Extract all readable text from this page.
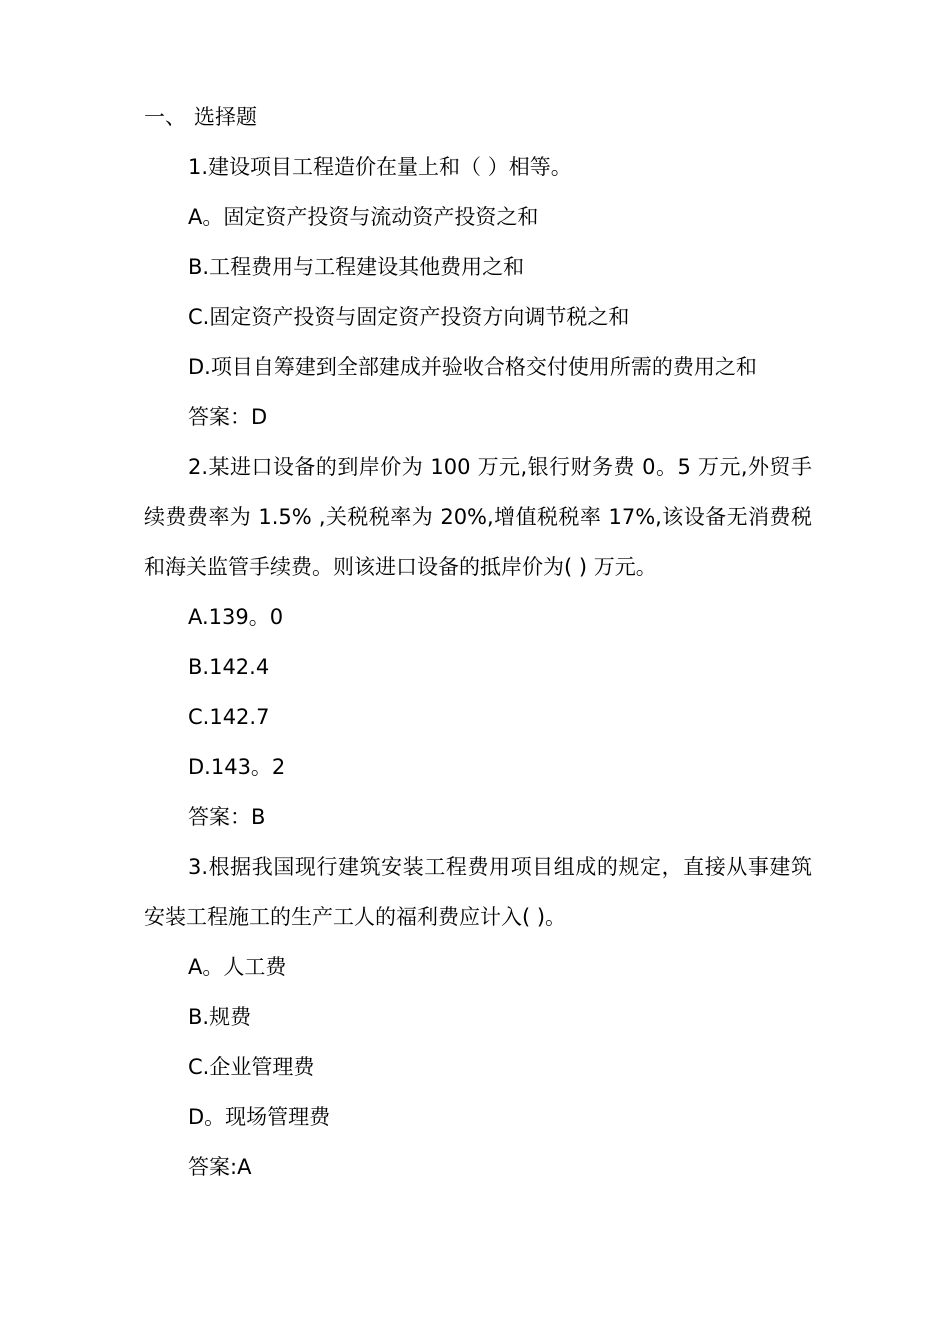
一、 选择题
1.建设项目工程造价在量上和（ ）相等。
A。固定资产投资与流动资产投资之和
B.工程费用与工程建设其他费用之和
C.固定资产投资与固定资产投资方向调节税之和
D.项目自筹建到全部建成并验收合格交付使用所需的费用之和
答案：D
2.某进口设备的到岸价为 100 万元,银行财务费 0。5 万元,外贸手续费费率为 1.5% ,关税税率为 20%,增值税税率 17%,该设备无消费税和海关监管手续费。则该进口设备的抵岸价为( ) 万元。
A.139。0
B.142.4
C.142.7
D.143。2
答案：B
3.根据我国现行建筑安装工程费用项目组成的规定，直接从事建筑安装工程施工的生产工人的福利费应计入( )。
A。人工费
B.规费
C.企业管理费
D。现场管理费
答案:A
